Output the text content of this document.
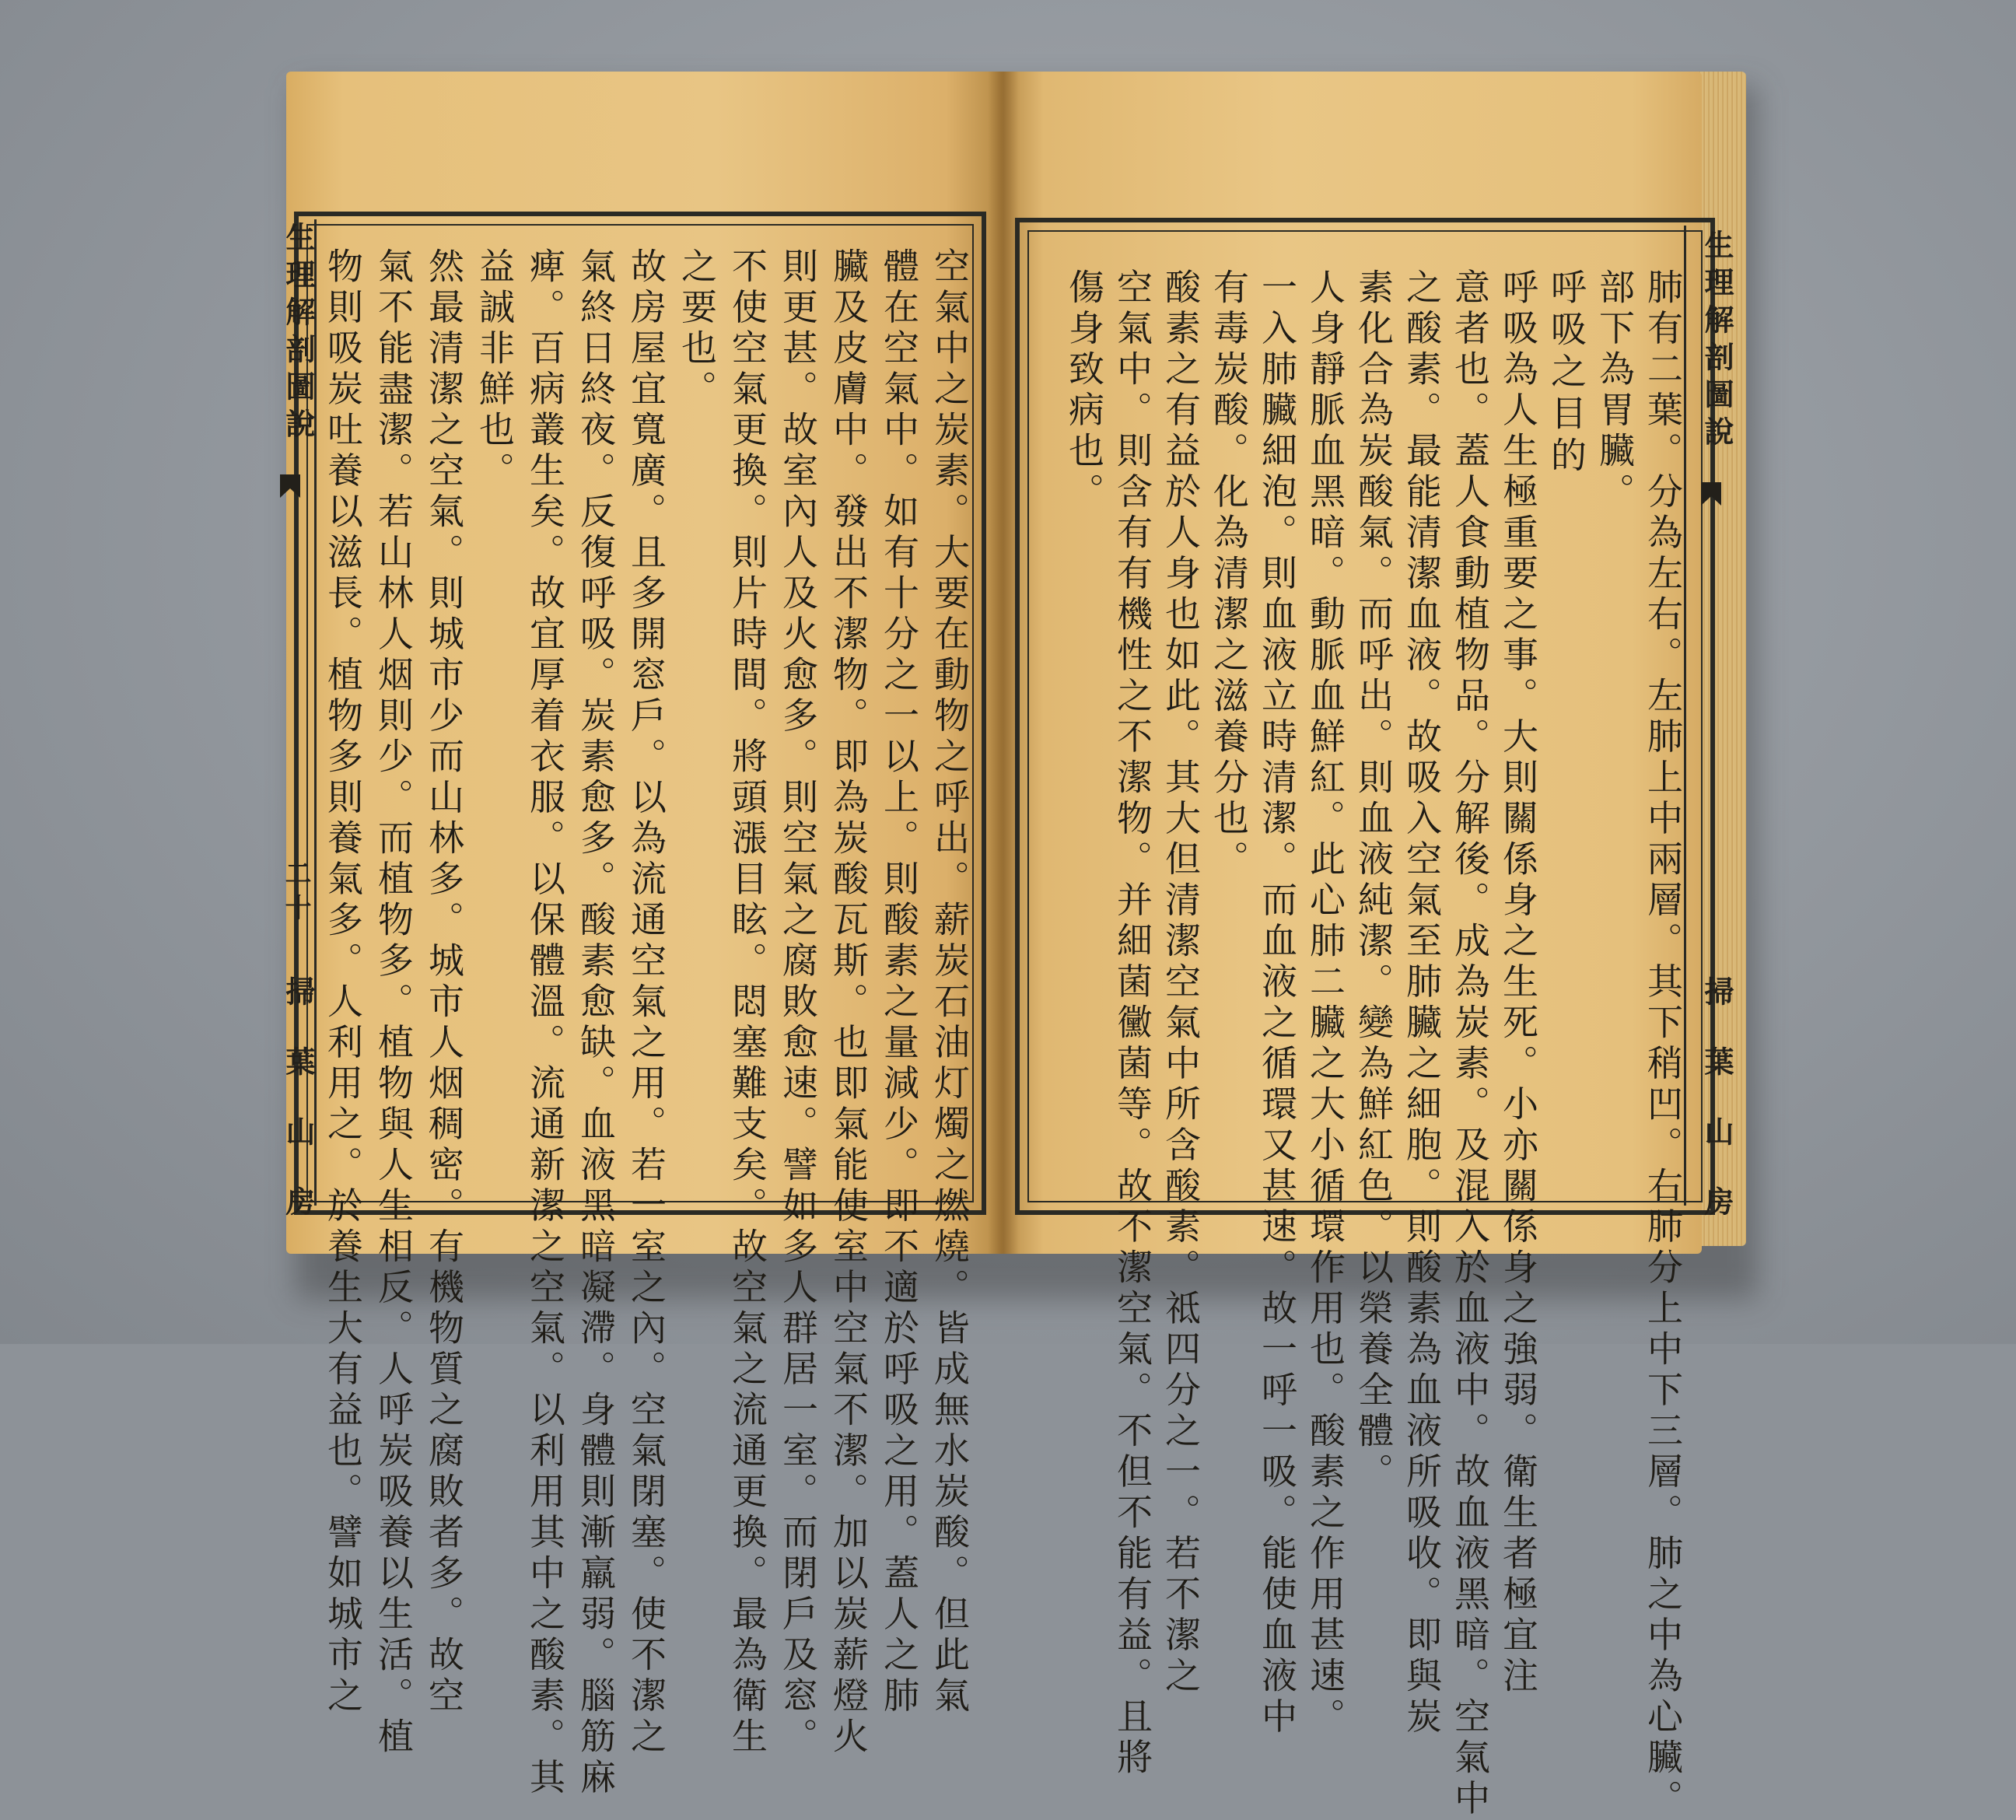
生理解剖圖說
二十
掃葉山房	空氣中之炭素。大要在動物之呼出。薪炭石油灯燭之燃燒。皆成無水炭酸。但此氣
體在空氣中。如有十分之一以上。則酸素之量減少。即不適於呼吸之用。蓋人之肺
臟及皮膚中。發出不潔物。即為炭酸瓦斯。也即氣能使室中空氣不潔。加以炭薪燈火
則更甚。故室內人及火愈多。則空氣之腐敗愈速。譬如多人群居一室。而閉戶及窓。
不使空氣更換。則片時間。將頭漲目眩。悶塞難支矣。故空氣之流通更換。最為衛生
之要也。
故房屋宜寬廣。且多開窓戶。以為流通空氣之用。若一室之內。空氣閉塞。使不潔之
氣終日終夜。反復呼吸。炭素愈多。酸素愈缺。血液黑暗凝滯。身體則漸羸弱。腦筋麻
痺。百病叢生矣。故宜厚着衣服。以保體溫。流通新潔之空氣。以利用其中之酸素。其
益誠非鮮也。
然最清潔之空氣。則城市少而山林多。城市人烟稠密。有機物質之腐敗者多。故空
氣不能盡潔。若山林人烟則少。而植物多。植物與人生相反。人呼炭吸養以生活。植
物則吸炭吐養以滋長。植物多則養氣多。人利用之。於養生大有益也。譬如城市之	生理解剖圖說
掃葉山房
肺有二葉。分為左右。左肺上中兩層。其下稍凹。右肺分上中下三層。肺之中為心臟。
部下為胃臟。
呼吸之目的
呼吸為人生極重要之事。大則關係身之生死。小亦關係身之強弱。衛生者極宜注
意者也。蓋人食動植物品。分解後。成為炭素。及混入於血液中。故血液黑暗。空氣中
之酸素。最能清潔血液。故吸入空氣至肺臟之細胞。則酸素為血液所吸收。即與炭
素化合為炭酸氣。而呼出。則血液純潔。變為鮮紅色。以榮養全體。
人身靜脈血黑暗。動脈血鮮紅。此心肺二臟之大小循環作用也。酸素之作用甚速。
一入肺臟細泡。則血液立時清潔。而血液之循環又甚速。故一呼一吸。能使血液中
有毒炭酸。化為清潔之滋養分也。
酸素之有益於人身也如此。其大但清潔空氣中所含酸素。祗四分之一。若不潔之
空氣中。則含有有機性之不潔物。并細菌黴菌等。故不潔空氣。不但不能有益。且將
傷身致病也。
